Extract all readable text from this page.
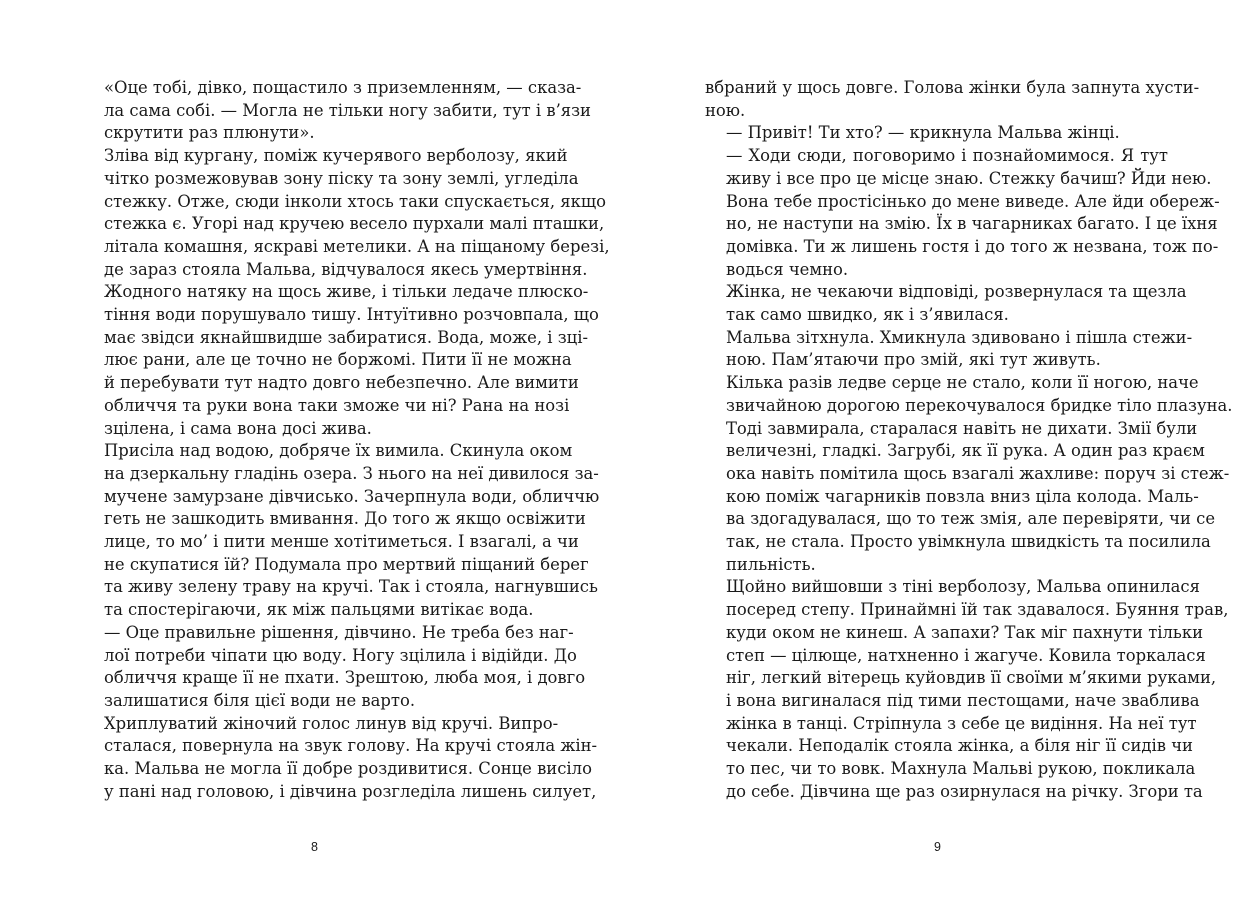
«Оце тобі, дівко, пощастило з приземленням, — сказа-
ла сама собі. — Могла не тільки ногу забити, тут і в’язи
скрутити раз плюнути».

Зліва від кургану, поміж кучерявого верболозу, який
чітко розмежовував зону піску та зону землі, угледіла
стежку. Отже, сюди інколи хтось таки спускається, якщо
стежка є. Угорі над кручею весело пурхали малі пташки,
літала комашня, яскраві метелики. А на піщаному березі,
де зараз стояла Мальва, відчувалося якесь умертвіння.
Жодного натяку на щось живе, і тільки ледаче плюско-
тіння води порушувало тишу. Інтуїтивно розчовпала, що
має звідси якнайшвидше забиратися. Вода, може, і зці-
лює рани, але це точно не боржомі. Пити її не можна
й перебувати тут надто довго небезпечно. Але вимити
обличчя та руки вона таки зможе чи ні? Рана на нозі
зцілена, і сама вона досі жива.

Присіла над водою, добряче їх вимила. Скинула оком
на дзеркальну гладінь озера. З нього на неї дивилося за-
мучене замурзане дівчисько. Зачерпнула води, обличчю
геть не зашкодить вмивання. До того ж якщо освіжити
лице, то мо’ і пити менше хотітиметься. І взагалі, а чи
не скупатися їй? Подумала про мертвий піщаний берег
та живу зелену траву на кручі. Так і стояла, нагнувшись
та спостерігаючи, як між пальцями витікає вода.

— Оце правильне рішення, дівчино. Не треба без наг-
лої потреби чіпати цю воду. Ногу зцілила і відійди. До
обличчя краще її не пхати. Зрештою, люба моя, і довго
залишатися біля цієї води не варто.

Хриплуватий жіночий голос линув від кручі. Випро-
сталася, повернула на звук голову. На кручі стояла жін-
ка. Мальва не могла її добре роздивитися. Сонце висіло
у пані над головою, і дівчина розгледіла лишень силует,

вбраний у щось довге. Голова жінки була запнута хусти-
ною.

— Привіт! Ти хто? — крикнула Мальва жінці.

— Ходи сюди, поговоримо і познайомимося. Я тут
живу і все про це місце знаю. Стежку бачиш? Йди нею.
Вона тебе простісінько до мене виведе. Але йди обереж-
но, не наступи на змію. Їх в чагарниках багато. І це їхня
домівка. Ти ж лишень гостя і до того ж незвана, тож по-
водься чемно.

Жінка, не чекаючи відповіді, розвернулася та щезла
так само швидко, як і з’явилася.

Мальва зітхнула. Хмикнула здивовано і пішла стежи-
ною. Пам’ятаючи про змій, які тут живуть.

Кілька разів ледве серце не стало, коли її ногою, наче
звичайною дорогою перекочувалося бридке тіло плазуна.
Тоді завмирала, старалася навіть не дихати. Змії були
величезні, гладкі. Загрубі, як її рука. А один раз краєм
ока навіть помітила щось взагалі жахливе: поруч зі стеж-
кою поміж чагарників повзла вниз ціла колода. Маль-
ва здогадувалася, що то теж змія, але перевіряти, чи се
так, не стала. Просто увімкнула швидкість та посилила
пильність.

Щойно вийшовши з тіні верболозу, Мальва опинилася
посеред степу. Принаймні їй так здавалося. Буяння трав,
куди оком не кинеш. А запахи? Так міг пахнути тільки
степ — цілюще, натхненно і жагуче. Ковила торкалася
ніг, легкий вітерець куйовдив її своїми м’якими руками,
і вона вигиналася під тими пестощами, наче зваблива
жінка в танці. Стріпнула з себе це видіння. На неї тут
чекали. Неподалік стояла жінка, а біля ніг її сидів чи
то пес, чи то вовк. Махнула Мальві рукою, покликала
до себе. Дівчина ще раз озирнулася на річку. Згори та

8	9
